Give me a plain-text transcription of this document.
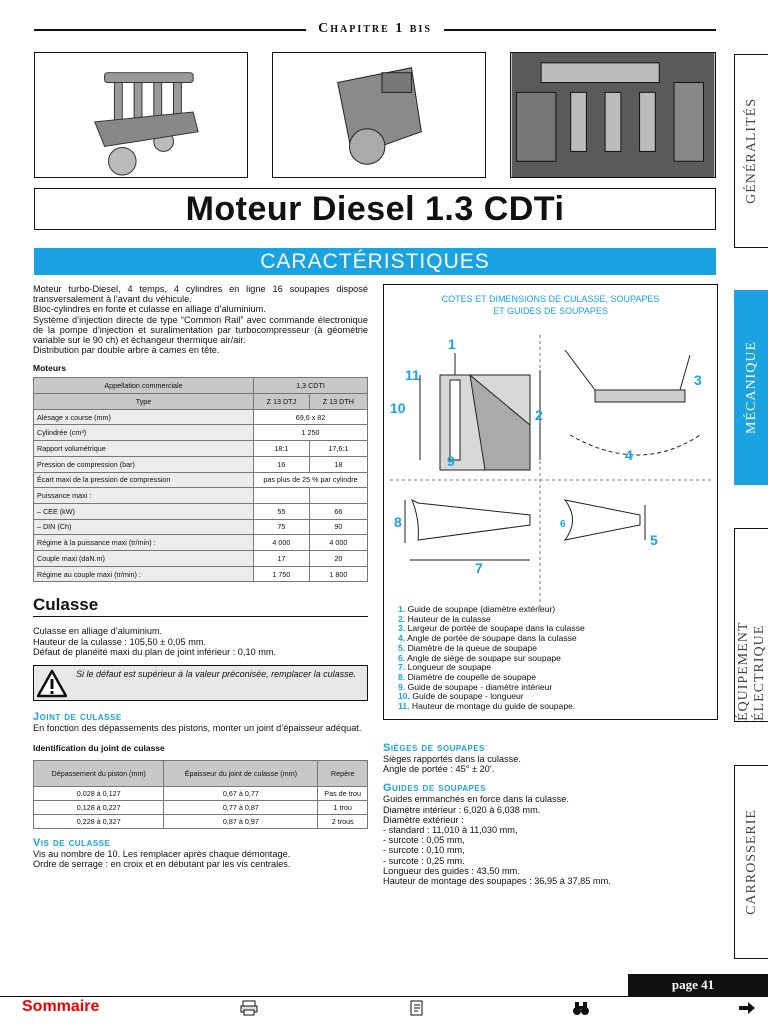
Chapitre 1 bis
Moteur Diesel 1.3 CDTi
CARACTÉRISTIQUES
GÉNÉRALITÉS
MÉCANIQUE
ÉQUIPEMENT ÉLECTRIQUE
CARROSSERIE

Moteur turbo-Diesel, 4 temps, 4 cylindres en ligne 16 soupapes disposé transversalement à l’avant du véhicule.

Bloc-cylindres en fonte et culasse en alliage d’aluminium.

Système d’injection directe de type “Common Rail” avec commande électronique de la pompe d’injection et suralimentation par turbocompresseur (à géométrie variable sur le 90 ch) et échangeur thermique air/air.

Distribution par double arbre à cames en tête.

Moteurs
Appellation commerciale	1,3 CDTI	
Type	Z 13 DTJ	Z 13 DTH
Alésage x course (mm)	69,6 x 82	
Cylindrée (cm³)	1 250	
Rapport volumétrique	18:1	17,6:1
Pression de compression (bar)	16	18
Écart maxi de la pression de compression	pas plus de 25 % par cylindre	
Puissance maxi :		
– CEE (kW)	55	66
– DIN (Ch)	75	90
Régime à la puissance maxi (tr/min) :	4 000	4 000
Couple maxi (daN.m)	17	20
Régime au couple maxi (tr/min) :	1 750	1 800
Culasse

Culasse en alliage d’aluminium.

Hauteur de la culasse : 105,50 ± 0,05 mm.

Défaut de planéité maxi du plan de joint inférieur : 0,10 mm.

Si le défaut est supérieur à la valeur préconisée, remplacer la culasse.
Joint de culasse

En fonction des dépassements des pistons, monter un joint d’épaisseur adéquat.

Identification du joint de culasse
Dépassement du piston (mm)	Épaisseur du joint de culasse (mm)	Repère
0,028 à 0,127	0,67 à 0,77	Pas de trou
0,128 à 0,227	0,77 à 0,87	1 trou
0,228 à 0,327	0,87 à 0,97	2 trous
Vis de culasse

Vis au nombre de 10. Les remplacer après chaque démontage.

Ordre de serrage : en croix et en débutant par les vis centrales.

COTES ET DIMENSIONS DE CULASSE, SOUPAPES
ET GUIDES DE SOUPAPES
1
2
3
4
5
6
7
8
9
10
11
1. Guide de soupape (diamètre extérieur)
2. Hauteur de la culasse
3. Largeur de portée de soupape dans la culasse
4. Angle de portée de soupape dans la culasse
5. Diamètre de la queue de soupape
6. Angle de siège de soupape sur soupape
7. Longueur de soupape
8. Diamètre de coupelle de soupape
9. Guide de soupape - diamètre intérieur
10. Guide de soupape - longueur
11. Hauteur de montage du guide de soupape.
Sièges de soupapes

Sièges rapportés dans la culasse.

Angle de portée : 45° ± 20’.

Guides de soupapes

Guides emmanchés en force dans la culasse.

Diamètre intérieur : 6,020 à 6,038 mm.

Diamètre extérieur :

- standard : 11,010 à 11,030 mm,

- surcote : 0,05 mm,

- surcote : 0,10 mm,

- surcote : 0,25 mm.

Longueur des guides : 43,50 mm.

Hauteur de montage des soupapes : 36,95 à 37,85 mm.

page 41
Sommaire
